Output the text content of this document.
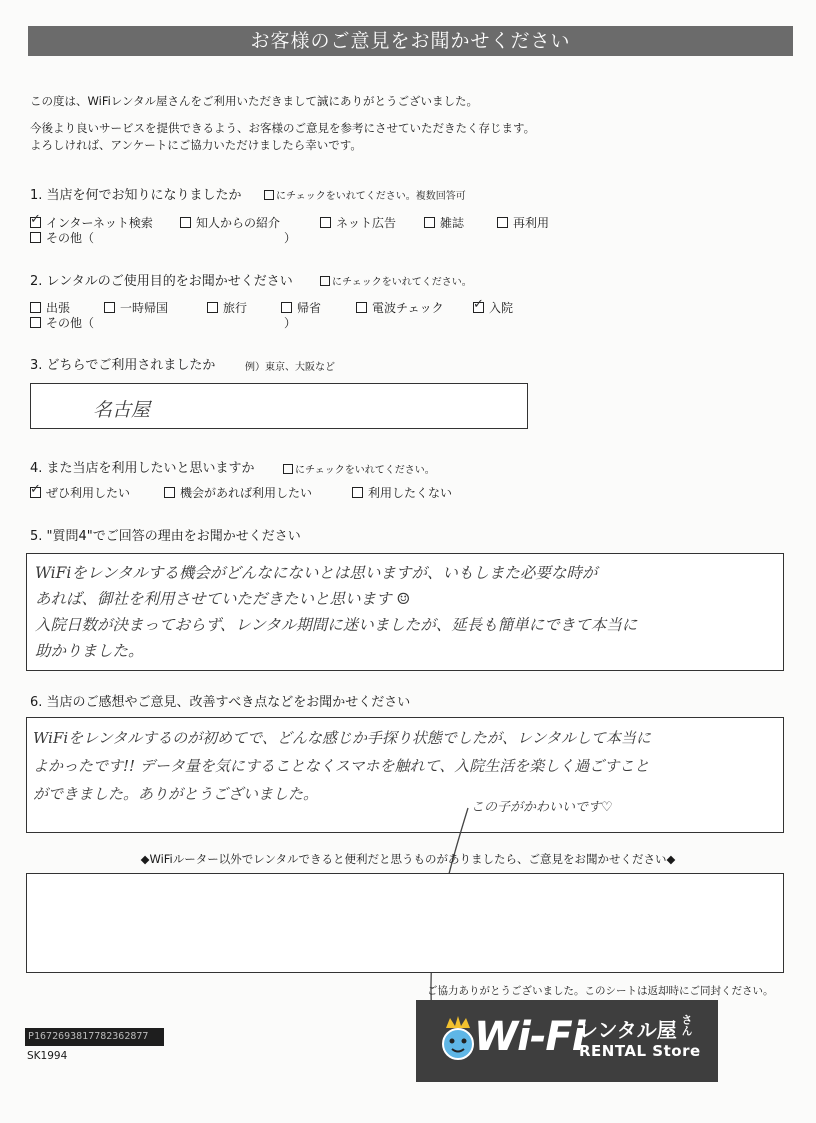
お客様のご意見をお聞かせください
この度は、WiFiレンタル屋さんをご利用いただきまして誠にありがとうございました。
今後より良いサービスを提供できるよう、お客様のご意見を参考にさせていただきたく存じます。
よろしければ、アンケートにご協力いただけましたら幸いです。
1. 当店を何でお知りになりましたか	にチェックをいれてください。複数回答可
✓
インターネット検索	知人からの紹介	ネット広告	雑誌	再利用
その他（	）
2. レンタルのご使用目的をお聞かせください	にチェックをいれてください。
出張	一時帰国	旅行	帰省	電波チェック
✓	入院
その他（	）
3. どちらでご利用されましたか	例）東京、大阪など
名古屋
4. また当店を利用したいと思いますか	にチェックをいれてください。
✓
ぜひ利用したい	機会があれば利用したい	利用したくない
5. "質問4"でご回答の理由をお聞かせください
WiFiをレンタルする機会がどんなにないとは思いますが、いもしまた必要な時が
あれば、御社を利用させていただきたいと思います ☺
入院日数が決まっておらず、レンタル期間に迷いましたが、延長も簡単にできて本当に
助かりました。
6. 当店のご感想やご意見、改善すべき点などをお聞かせください
WiFiをレンタルするのが初めてで、どんな感じか手探り状態でしたが、レンタルして本当に
よかったです!! データ量を気にすることなくスマホを触れて、入院生活を楽しく過ごすこと
ができました。ありがとうございました。
この子がかわいいです♡
◆WiFiルーター以外でレンタルできると便利だと思うものがありましたら、ご意見をお聞かせください◆
ご協力ありがとうございました。このシートは返却時にご同封ください。
P1672693817782362877
SK1994	Wi-Fi
レンタル屋 さん
RENTAL Store
